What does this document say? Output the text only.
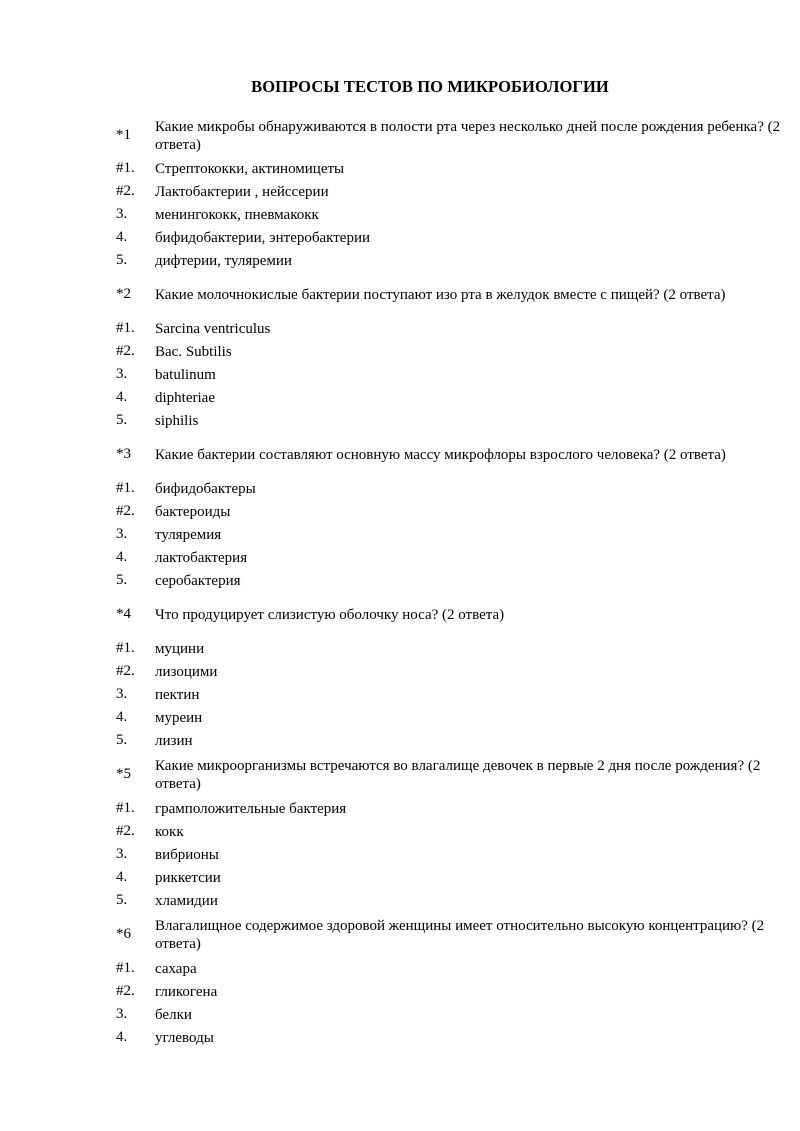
ВОПРОСЫ ТЕСТОВ ПО МИКРОБИОЛОГИИ
*1 Какие микробы обнаруживаются в полости рта через несколько дней после рождения ребенка? (2
ответа)
#1. Стрептококки, актиномицеты
#2. Лактобактерии , нейссерии
3. менингококк, пневмакокк
4. бифидобактерии, энтеробактерии
5. дифтерии, туляремии
*2 Какие молочнокислые бактерии поступают изо рта в желудок вместе с пищей? (2 ответа)
#1. Sarcina ventriculus
#2. Bac. Subtilis
3. batulinum
4. diphteriae
5. siphilis
*3 Какие бактерии составляют основную массу микрофлоры взрослого человека? (2 ответа)
#1. бифидобактеры
#2. бактероиды
3. туляремия
4. лактобактерия
5. серобактерия
*4 Что продуцирует слизистую оболочку носа? (2 ответа)
#1. муцини
#2. лизоцими
3. пектин
4. муреин
5. лизин
*5 Какие микроорганизмы встречаются во влагалище девочек в первые 2 дня после рождения? (2
ответа)
#1. грамположительные бактерия
#2. кокк
3. вибрионы
4. риккетсии
5. хламидии
*6 Влагалищное содержимое здоровой женщины имеет относительно высокую концентрацию? (2
ответа)
#1. сахара
#2. гликогена
3. белки
4. углеводы
